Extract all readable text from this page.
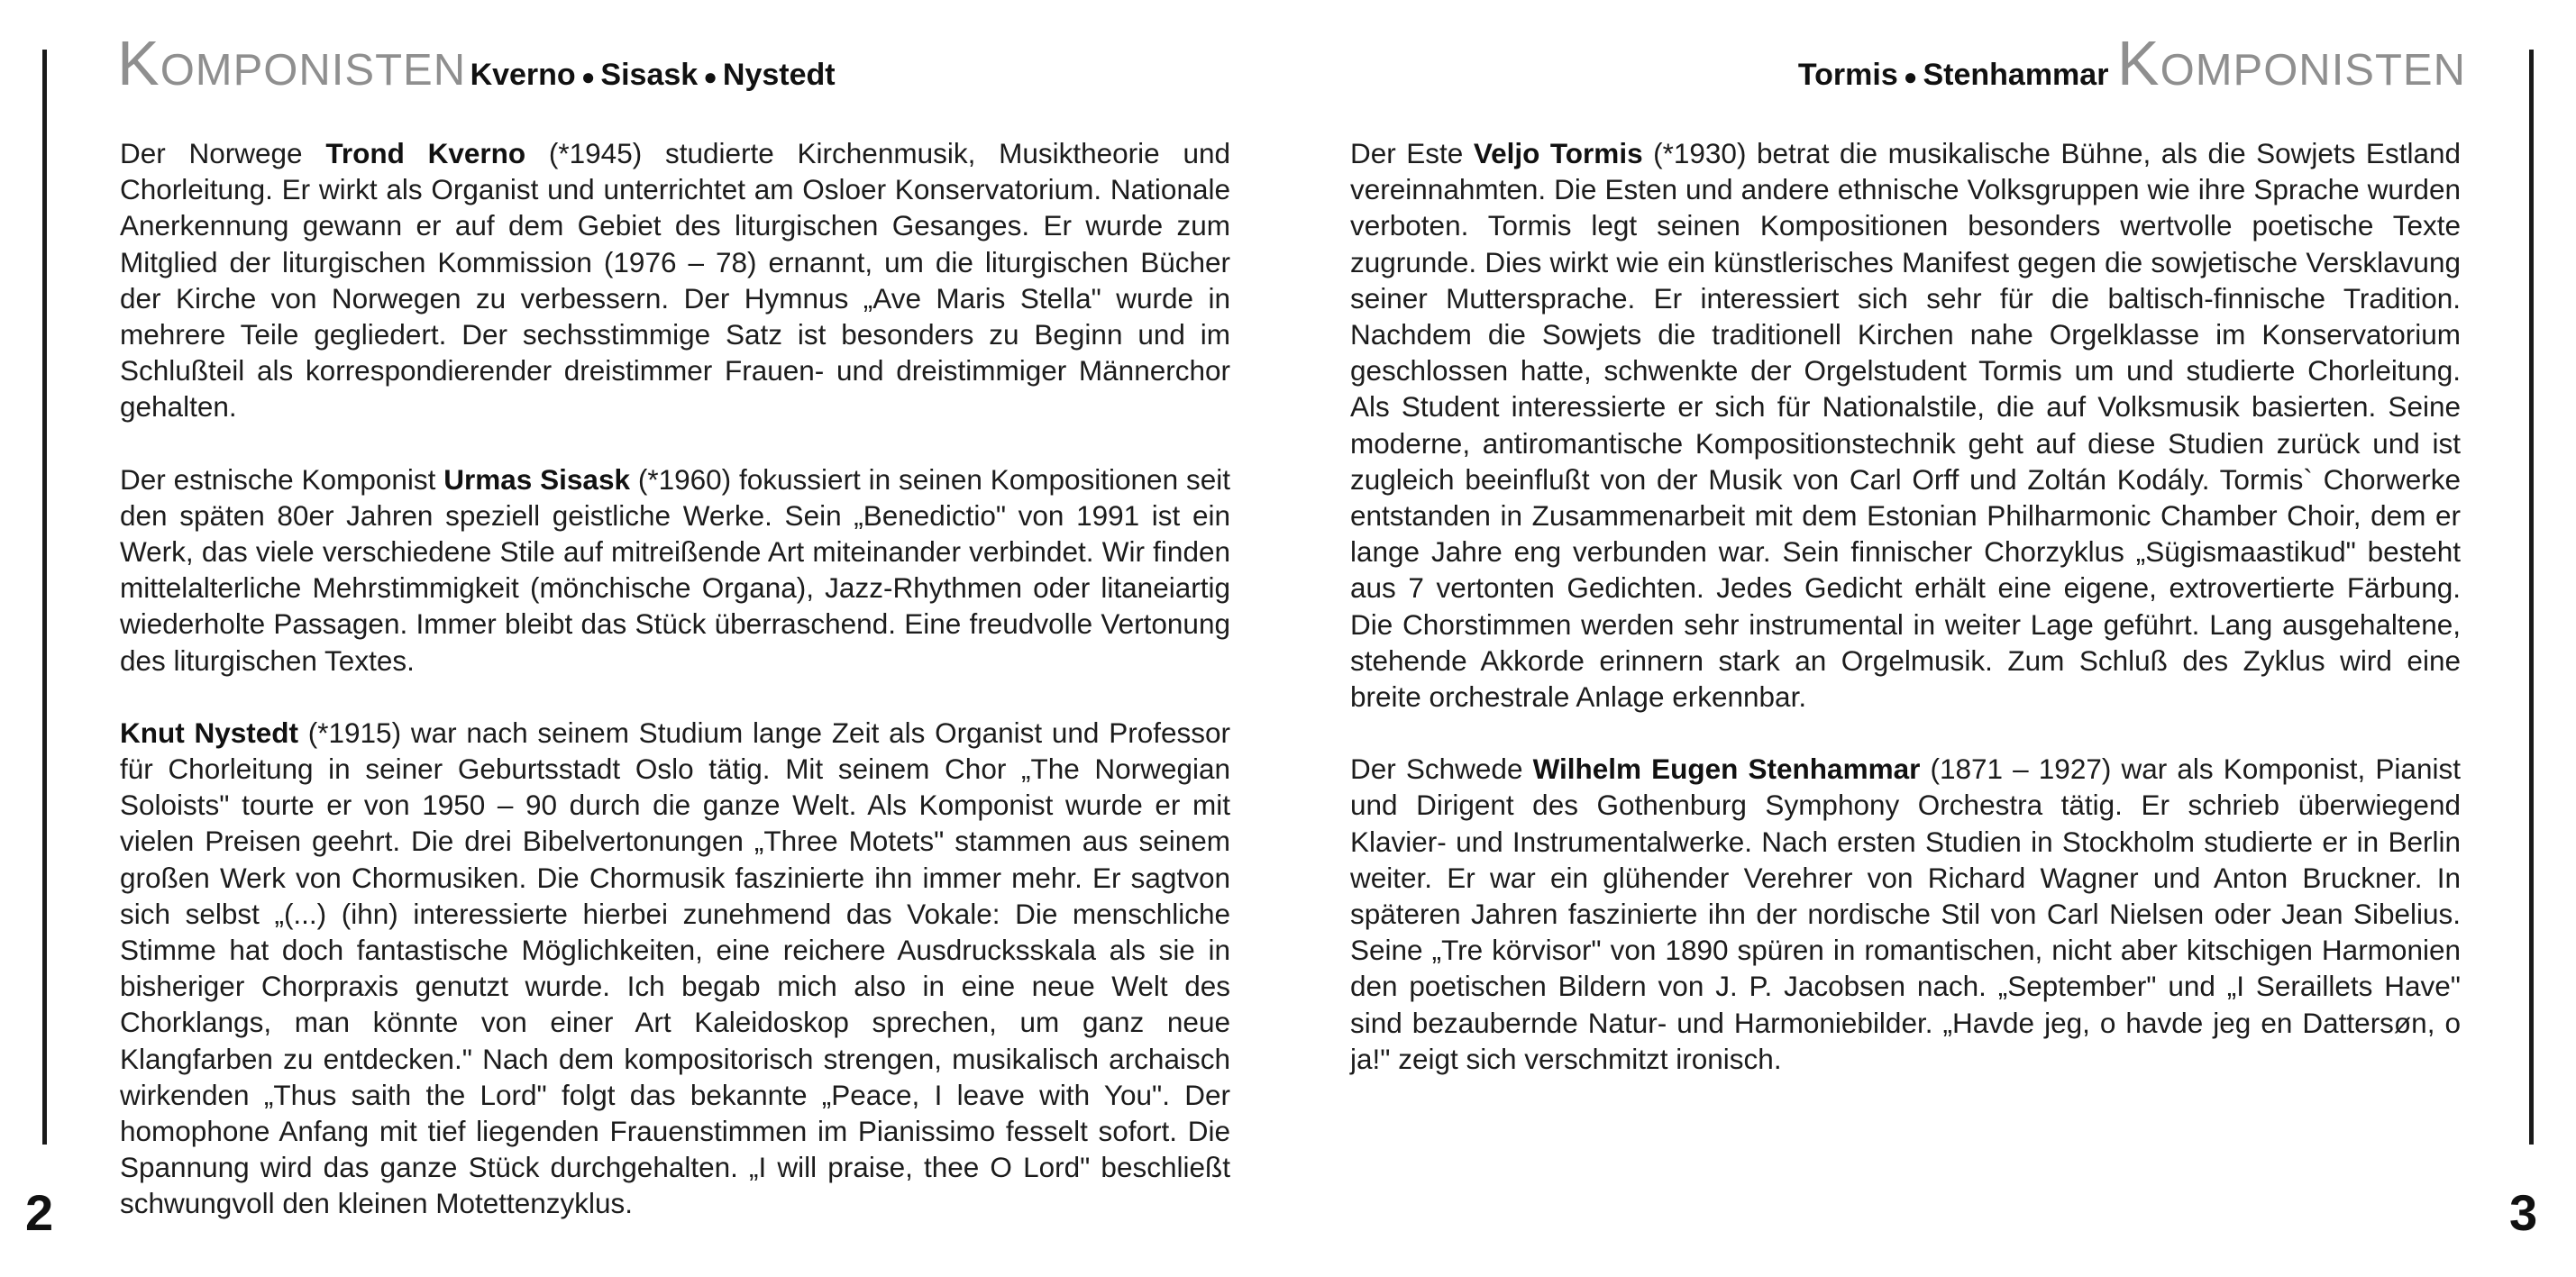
Komponisten Kverno ● Sisask ● Nystedt	Tormis ● Stenhammar Komponisten

Der Norwege Trond Kverno (*1945) studierte Kirchenmusik, Musiktheorie und Chorleitung. Er wirkt als Organist und unterrichtet am Osloer Konservatorium. Nationale Anerkennung gewann er auf dem Gebiet des liturgischen Gesanges. Er wurde zum Mitglied der liturgischen Kommission (1976 – 78) ernannt, um die liturgischen Bücher der Kirche von Norwegen zu verbessern. Der Hymnus „Ave Maris Stella" wurde in mehrere Teile gegliedert. Der sechsstimmige Satz ist besonders zu Beginn und im Schlußteil als korrespondierender dreistimmer Frauen- und dreistimmiger Männerchor gehalten.

Der estnische Komponist Urmas Sisask (*1960) fokussiert in seinen Kompositionen seit den späten 80er Jahren speziell geistliche Werke. Sein „Benedictio" von 1991 ist ein Werk, das viele verschiedene Stile auf mitreißende Art miteinander verbindet. Wir finden mittelalterliche Mehrstimmigkeit (mönchische Organa), Jazz-Rhythmen oder litaneiartig wiederholte Passagen. Immer bleibt das Stück überraschend. Eine freudvolle Vertonung des liturgischen Textes.

Knut Nystedt (*1915) war nach seinem Studium lange Zeit als Organist und Professor für Chorleitung in seiner Geburtsstadt Oslo tätig. Mit seinem Chor „The Norwegian Soloists" tourte er von 1950 – 90 durch die ganze Welt. Als Komponist wurde er mit vielen Preisen geehrt. Die drei Bibelvertonungen „Three Motets" stammen aus seinem großen Werk von Chormusiken. Die Chormusik faszinierte ihn immer mehr. Er sagtvon sich selbst „(...) (ihn) interessierte hierbei zunehmend das Vokale: Die menschliche Stimme hat doch fantastische Möglichkeiten, eine reichere Ausdrucksskala als sie in bisheriger Chorpraxis genutzt wurde. Ich begab mich also in eine neue Welt des Chorklangs, man könnte von einer Art Kaleidoskop sprechen, um ganz neue Klangfarben zu entdecken." Nach dem kompositorisch strengen, musikalisch archaisch wirkenden „Thus saith the Lord" folgt das bekannte „Peace, I leave with You". Der homophone Anfang mit tief liegenden Frauenstimmen im Pianissimo fesselt sofort. Die Spannung wird das ganze Stück durchgehalten. „I will praise, thee O Lord" beschließt schwungvoll den kleinen Motettenzyklus.

Der Este Veljo Tormis (*1930) betrat die musikalische Bühne, als die Sowjets Estland vereinnahmten. Die Esten und andere ethnische Volksgruppen wie ihre Sprache wurden verboten. Tormis legt seinen Kompositionen besonders wertvolle poetische Texte zugrunde. Dies wirkt wie ein künstlerisches Manifest gegen die sowjetische Versklavung seiner Muttersprache. Er interessiert sich sehr für die baltisch-finnische Tradition. Nachdem die Sowjets die traditionell Kirchen nahe Orgelklasse im Konservatorium geschlossen hatte, schwenkte der Orgelstudent Tormis um und studierte Chorleitung. Als Student interessierte er sich für Nationalstile, die auf Volksmusik basierten. Seine moderne, antiromantische Kompositionstechnik geht auf diese Studien zurück und ist zugleich beeinflußt von der Musik von Carl Orff und Zoltán Kodály. Tormis` Chorwerke entstanden in Zusammenarbeit mit dem Estonian Philharmonic Chamber Choir, dem er lange Jahre eng verbunden war. Sein finnischer Chorzyklus „Sügismaastikud" besteht aus 7 vertonten Gedichten. Jedes Gedicht erhält eine eigene, extrovertierte Färbung. Die Chorstimmen werden sehr instrumental in weiter Lage geführt. Lang ausgehaltene, stehende Akkorde erinnern stark an Orgelmusik. Zum Schluß des Zyklus wird eine breite orchestrale Anlage erkennbar.

Der Schwede Wilhelm Eugen Stenhammar (1871 – 1927) war als Komponist, Pianist und Dirigent des Gothenburg Symphony Orchestra tätig. Er schrieb überwiegend Klavier- und Instrumentalwerke. Nach ersten Studien in Stockholm studierte er in Berlin weiter. Er war ein glühender Verehrer von Richard Wagner und Anton Bruckner. In späteren Jahren faszinierte ihn der nordische Stil von Carl Nielsen oder Jean Sibelius. Seine „Tre körvisor" von 1890 spüren in romantischen, nicht aber kitschigen Harmonien den poetischen Bildern von J. P. Jacobsen nach. „September" und „I Seraillets Have" sind bezaubernde Natur- und Harmoniebilder. „Havde jeg, o havde jeg en Dattersøn, o ja!" zeigt sich verschmitzt ironisch.

2	3
